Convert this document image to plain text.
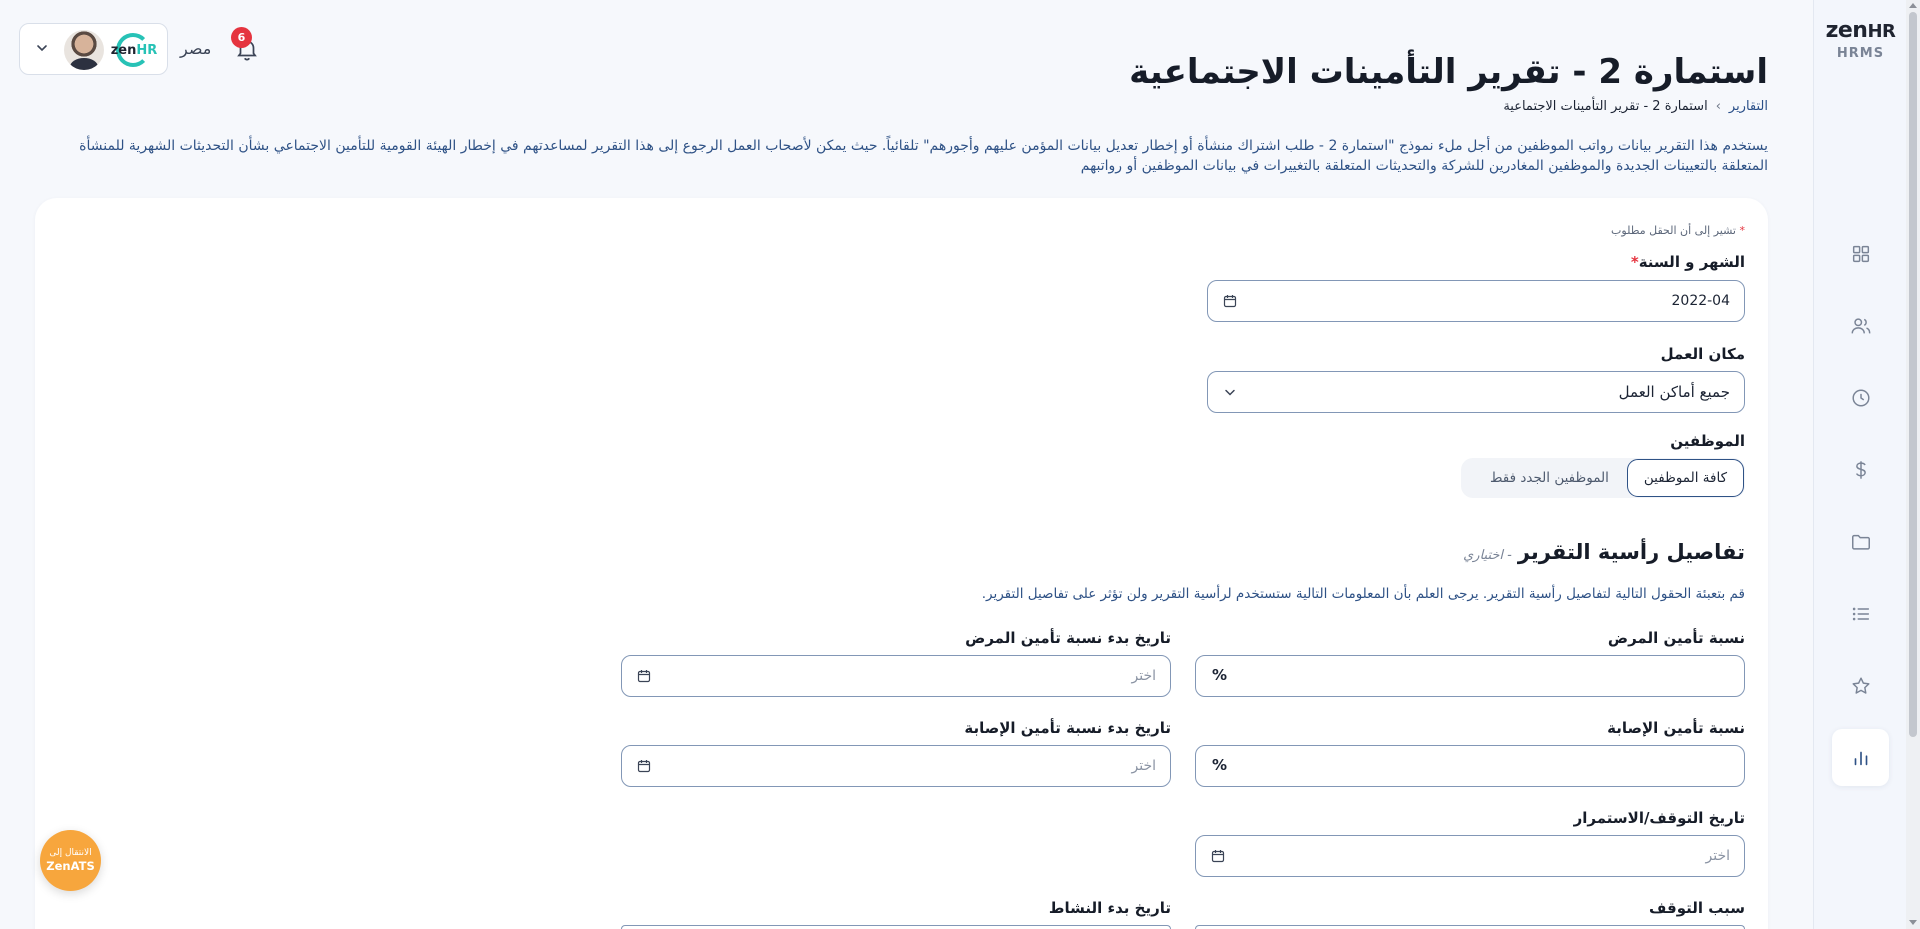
zenHR
HRMS
zenHR مصر
6
استمارة 2 - تقرير التأمينات الاجتماعية
التقارير
›
استمارة 2 - تقرير التأمينات الاجتماعية

يستخدم هذا التقرير بيانات رواتب الموظفين من أجل ملء نموذج "استمارة 2 - طلب اشتراك منشأة أو إخطار تعديل بيانات المؤمن عليهم وأجورهم" تلقائياً. حيث يمكن لأصحاب العمل الرجوع إلى هذا التقرير لمساعدتهم في إخطار الهيئة القومية للتأمين الاجتماعي بشأن التحديثات الشهرية للمنشأة المتعلقة بالتعيينات الجديدة والموظفين المغادرين للشركة والتحديثات المتعلقة بالتغييرات في بيانات الموظفين أو رواتبهم

* تشير إلى أن الحقل مطلوب
الشهر و السنة*
2022-04
مكان العمل
جميع أماكن العمل
الموظفين
كافة الموظفين
الموظفين الجدد فقط
تفاصيل رأسية التقرير
- اختياري
قم بتعبئة الحقول التالية لتفاصيل رأسية التقرير. يرجى العلم بأن المعلومات التالية ستستخدم لرأسية التقرير ولن تؤثر على تفاصيل التقرير.
نسبة تأمين المرض
%
تاريخ بدء نسبة تأمين المرض
اختر
نسبة تأمين الإصابة
%
تاريخ بدء نسبة تأمين الإصابة
اختر
تاريخ التوقف/الاستمرار
اختر
سبب التوقف
تاريخ بدء النشاط
الانتقال إلى
ZenATS
